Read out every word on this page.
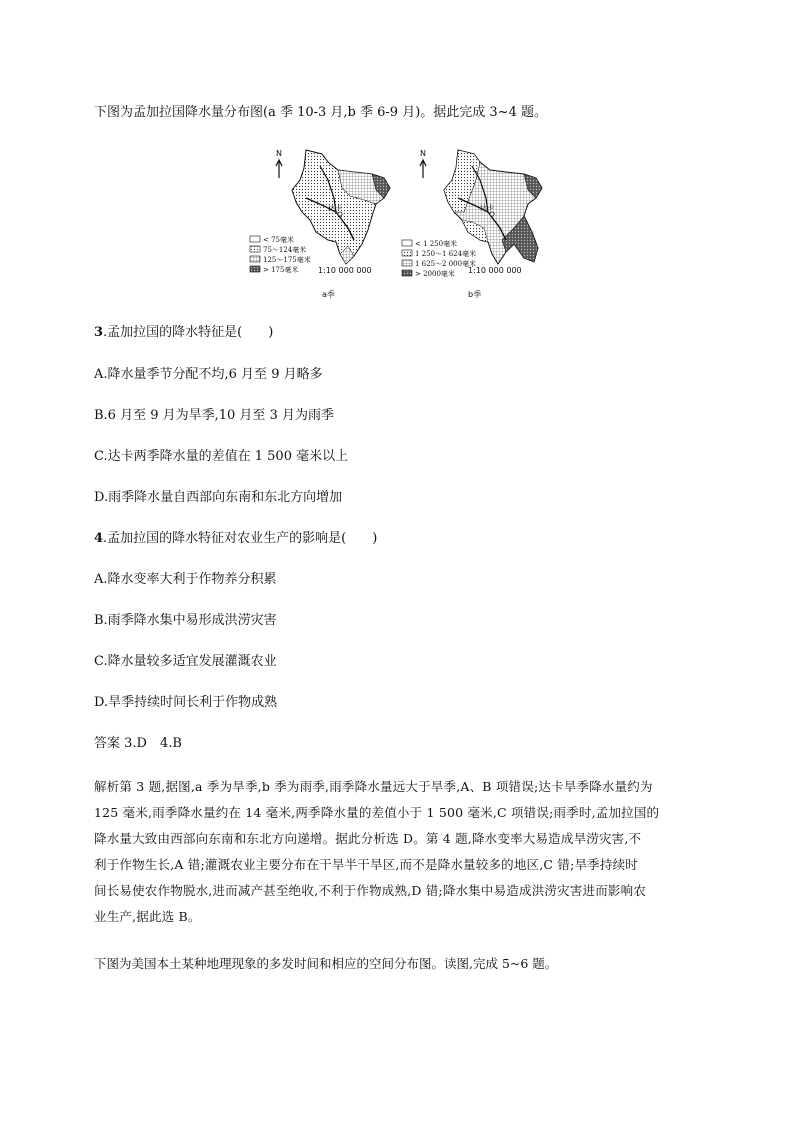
下图为孟加拉国降水量分布图(a 季 10-3 月,b 季 6-9 月)。据此完成 3~4 题。
N
达卡
< 75毫米
75～124毫米
125～175毫米
> 175毫米 1:10 000 000
a季
N
达卡
< 1 250毫米
1 250～1 624毫米
1 625～2 000毫米
> 2000毫米 1:10 000 000
b季
3.孟加拉国的降水特征是(　　)
A.降水量季节分配不均,6 月至 9 月略多
B.6 月至 9 月为旱季,10 月至 3 月为雨季
C.达卡两季降水量的差值在 1 500 毫米以上
D.雨季降水量自西部向东南和东北方向增加
4.孟加拉国的降水特征对农业生产的影响是(　　)
A.降水变率大利于作物养分积累
B.雨季降水集中易形成洪涝灾害
C.降水量较多适宜发展灌溉农业
D.旱季持续时间长利于作物成熟
答案 3.D　4.B
解析第 3 题,据图,a 季为旱季,b 季为雨季,雨季降水量远大于旱季,A、B 项错误;达卡旱季降水量约为
125 毫米,雨季降水量约在 14 毫米,两季降水量的差值小于 1 500 毫米,C 项错误;雨季时,孟加拉国的
降水量大致由西部向东南和东北方向递增。据此分析选 D。第 4 题,降水变率大易造成旱涝灾害,不
利于作物生长,A 错;灌溉农业主要分布在干旱半干旱区,而不是降水量较多的地区,C 错;旱季持续时
间长易使农作物脱水,进而减产甚至绝收,不利于作物成熟,D 错;降水集中易造成洪涝灾害进而影响农
业生产,据此选 B。
下图为美国本土某种地理现象的多发时间和相应的空间分布图。读图,完成 5~6 题。
